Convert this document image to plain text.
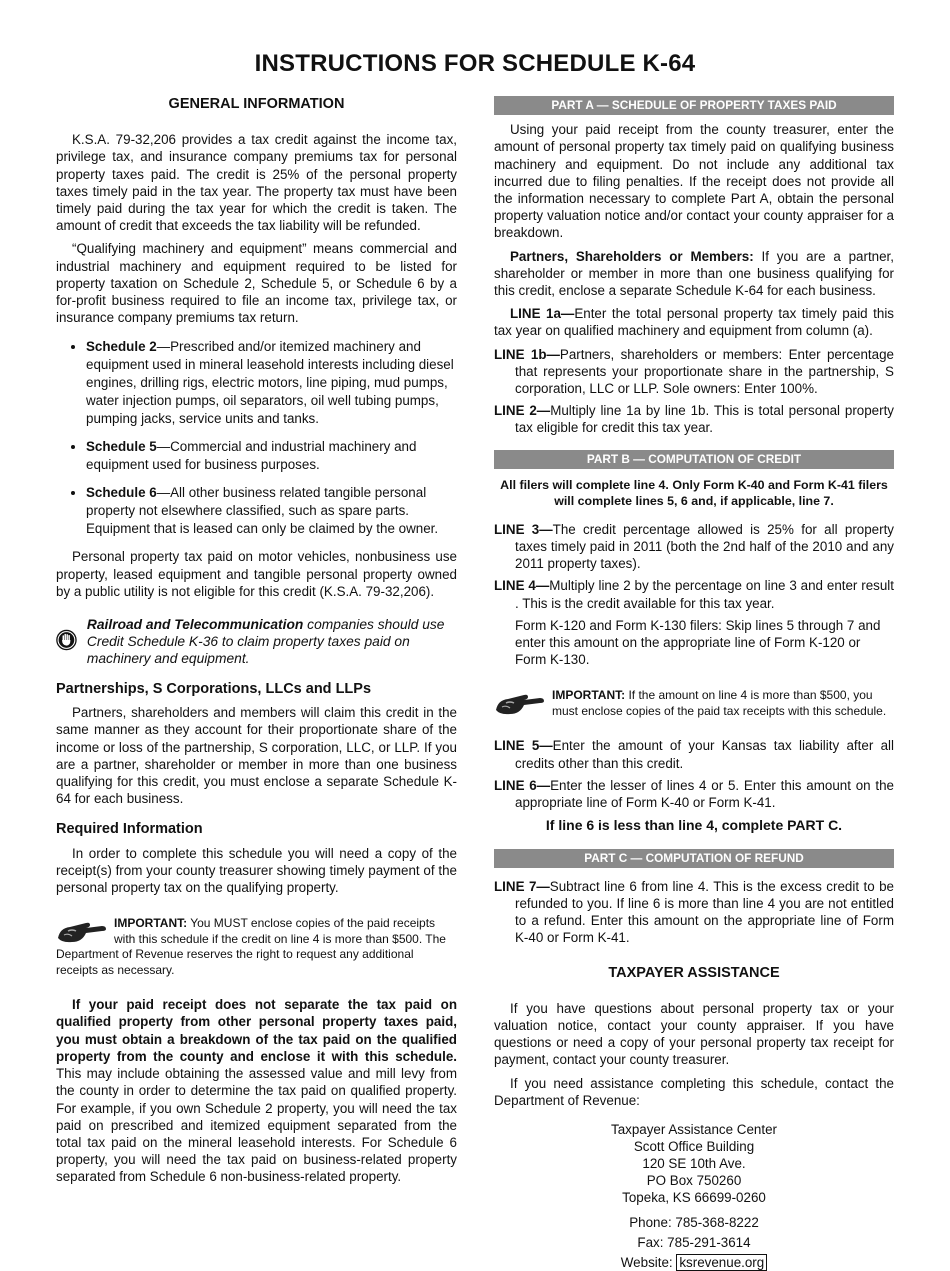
INSTRUCTIONS FOR SCHEDULE K-64
GENERAL INFORMATION

K.S.A. 79-32,206 provides a tax credit against the income tax, privilege tax, and insurance company premiums tax for personal property taxes paid. The credit is 25% of the personal property taxes timely paid in the tax year. The property tax must have been timely paid during the tax year for which the credit is taken. The amount of credit that exceeds the tax liability will be refunded.

“Qualifying machinery and equipment” means commercial and industrial machinery and equipment required to be listed for property taxation on Schedule 2, Schedule 5, or Schedule 6 by a for-profit business required to file an income tax, privilege tax, or insurance company premiums tax return.

• Schedule 2—Prescribed and/or itemized machinery and equipment used in mineral leasehold interests including diesel engines, drilling rigs, electric motors, line piping, mud pumps, water injection pumps, oil separators, oil well tubing pumps, pumping jacks, service units and tanks.
• Schedule 5—Commercial and industrial machinery and equipment used for business purposes.
• Schedule 6—All other business related tangible personal property not elsewhere classified, such as spare parts. Equipment that is leased can only be claimed by the owner.

Personal property tax paid on motor vehicles, nonbusiness use property, leased equipment and tangible personal property owned by a public utility is not eligible for this credit (K.S.A. 79-32,206).

Railroad and Telecommunication companies should use Credit Schedule K-36 to claim property taxes paid on machinery and equipment.
Partnerships, S Corporations, LLCs and LLPs

Partners, shareholders and members will claim this credit in the same manner as they account for their proportionate share of the income or loss of the partnership, S corporation, LLC, or LLP. If you are a partner, shareholder or member in more than one business qualifying for this credit, you must enclose a separate Schedule K-64 for each business.

Required Information

In order to complete this schedule you will need a copy of the receipt(s) from your county treasurer showing timely payment of the personal property tax on the qualifying property.

IMPORTANT: You MUST enclose copies of the paid receipts with this schedule if the credit on line 4 is more than $500. The Department of Revenue reserves the right to request any additional receipts as necessary.

If your paid receipt does not separate the tax paid on qualified property from other personal property taxes paid, you must obtain a breakdown of the tax paid on the qualified property from the county and enclose it with this schedule. This may include obtaining the assessed value and mill levy from the county in order to determine the tax paid on qualified property. For example, if you own Schedule 2 property, you will need the tax paid on prescribed and itemized equipment separated from the total tax paid on the mineral leasehold interests. For Schedule 6 property, you will need the tax paid on business-related property separated from Schedule 6 non-business-related property.

PART A — SCHEDULE OF PROPERTY TAXES PAID

Using your paid receipt from the county treasurer, enter the amount of personal property tax timely paid on qualifying business machinery and equipment. Do not include any additional tax incurred due to filing penalties. If the receipt does not provide all the information necessary to complete Part A, obtain the personal property valuation notice and/or contact your county appraiser for a breakdown.

Partners, Shareholders or Members: If you are a partner, shareholder or member in more than one business qualifying for this credit, enclose a separate Schedule K-64 for each business.

LINE 1a—Enter the total personal property tax timely paid this tax year on qualified machinery and equipment from column (a).

LINE 1b—Partners, shareholders or members: Enter percentage that represents your proportionate share in the partnership, S corporation, LLC or LLP. Sole owners: Enter 100%.
LINE 2—Multiply line 1a by line 1b. This is total personal property tax eligible for credit this tax year.
PART B — COMPUTATION OF CREDIT
All filers will complete line 4. Only Form K-40 and Form K-41 filers will complete lines 5, 6 and, if applicable, line 7.
LINE 3—The credit percentage allowed is 25% for all property taxes timely paid in 2011 (both the 2nd half of the 2010 and any 2011 property taxes).
LINE 4—Multiply line 2 by the percentage on line 3 and enter result . This is the credit available for this tax year.
Form K-120 and Form K-130 filers: Skip lines 5 through 7 and enter this amount on the appropriate line of Form K-120 or Form K-130.
IMPORTANT: If the amount on line 4 is more than $500, you must enclose copies of the paid tax receipts with this schedule.
LINE 5—Enter the amount of your Kansas tax liability after all credits other than this credit.
LINE 6—Enter the lesser of lines 4 or 5. Enter this amount on the appropriate line of Form K-40 or Form K-41.
If line 6 is less than line 4, complete PART C.
PART C — COMPUTATION OF REFUND
LINE 7—Subtract line 6 from line 4. This is the excess credit to be refunded to you. If line 6 is more than line 4 you are not entitled to a refund. Enter this amount on the appropriate line of Form K-40 or Form K-41.
TAXPAYER ASSISTANCE

If you have questions about personal property tax or your valuation notice, contact your county appraiser. If you have questions or need a copy of your personal property tax receipt for payment, contact your county treasurer.

If you need assistance completing this schedule, contact the Department of Revenue:

Taxpayer Assistance Center
Scott Office Building
120 SE 10th Ave.
PO Box 750260
Topeka, KS 66699-0260
Phone: 785-368-8222
Fax: 785-291-3614
Website: ksrevenue.org
